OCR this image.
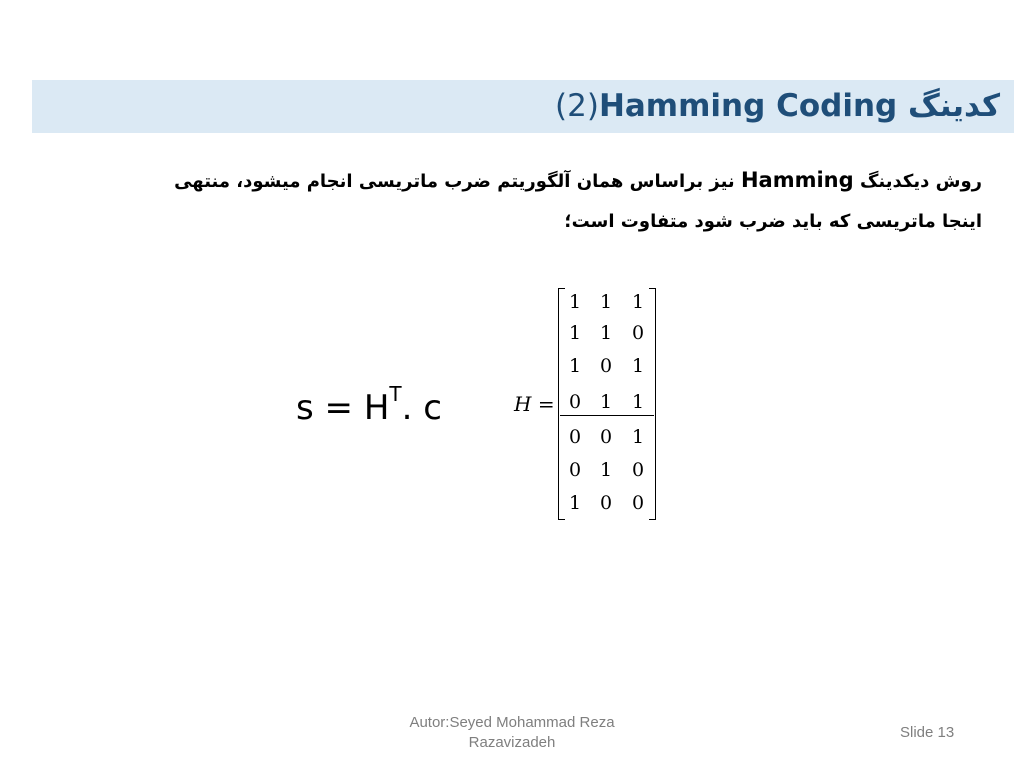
(2)Hamming Coding کدینگ

روش دیکدینگ Hamming نیز براساس همان آلگوریتم ضرب ماتریسی انجام میشود، منتهی
اینجا ماتریسی که باید ضرب شود متفاوت است؛

$s = H^T$. c	H =
1 1	1
1 1	0
1 0	1
0 1	1
0 0	1
0 1	0
1 0	0
Autor:Seyed Mohammad Reza
Razavizadeh
Slide 13
